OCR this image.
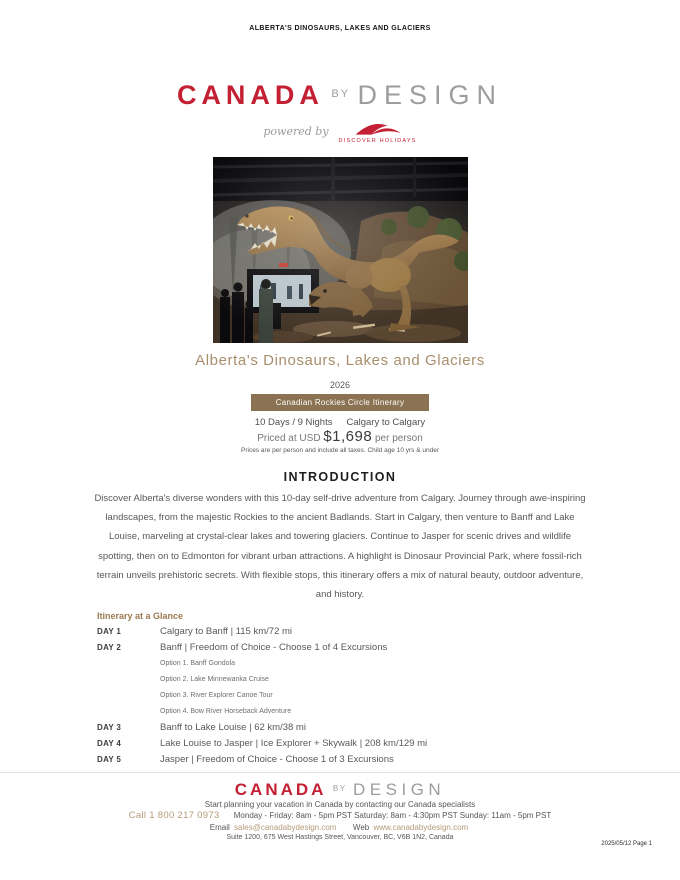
ALBERTA'S DINOSAURS, LAKES AND GLACIERS
CANADA $^{BY}$ DESIGN
powered by
DISCOVER HOLIDAYS
Alberta's Dinosaurs, Lakes and Glaciers
2026
Canadian Rockies Circle Itinerary
10 Days / 9 Nights Calgary to Calgary
Priced at USD $1,698 per person
Prices are per person and include all taxes. Child age 10 yrs & under
INTRODUCTION
Discover Alberta's diverse wonders with this 10-day self-drive adventure from Calgary. Journey through awe-inspiring landscapes, from the majestic Rockies to the ancient Badlands. Start in Calgary, then venture to Banff and Lake Louise, marveling at crystal-clear lakes and towering glaciers. Continue to Jasper for scenic drives and wildlife spotting, then on to Edmonton for vibrant urban attractions. A highlight is Dinosaur Provincial Park, where fossil-rich terrain unveils prehistoric secrets. With flexible stops, this itinerary offers a mix of natural beauty, outdoor adventure, and history.
Itinerary at a Glance
DAY 1	Calgary to Banff | 115 km/72 mi
DAY 2	Banff | Freedom of Choice - Choose 1 of 4 Excursions
Option 1. Banff Gondola
Option 2. Lake Minnewanka Cruise
Option 3. River Explorer Canoe Tour
Option 4. Bow River Horseback Adventure
DAY 3	Banff to Lake Louise | 62 km/38 mi
DAY 4	Lake Louise to Jasper | Ice Explorer + Skywalk | 208 km/129 mi
DAY 5	Jasper | Freedom of Choice - Choose 1 of 3 Excursions
CANADA $^{BY}$ DESIGN
Start planning your vacation in Canada by contacting our Canada specialists
Call 1 800 217 0973 Monday - Friday: 8am - 5pm PST Saturday: 8am - 4:30pm PST Sunday: 11am - 5pm PST
Email sales@canadabydesign.com Web www.canadabydesign.com
Suite 1200, 675 West Hastings Street, Vancouver, BC, V6B 1N2, Canada
2025/05/12 Page 1
